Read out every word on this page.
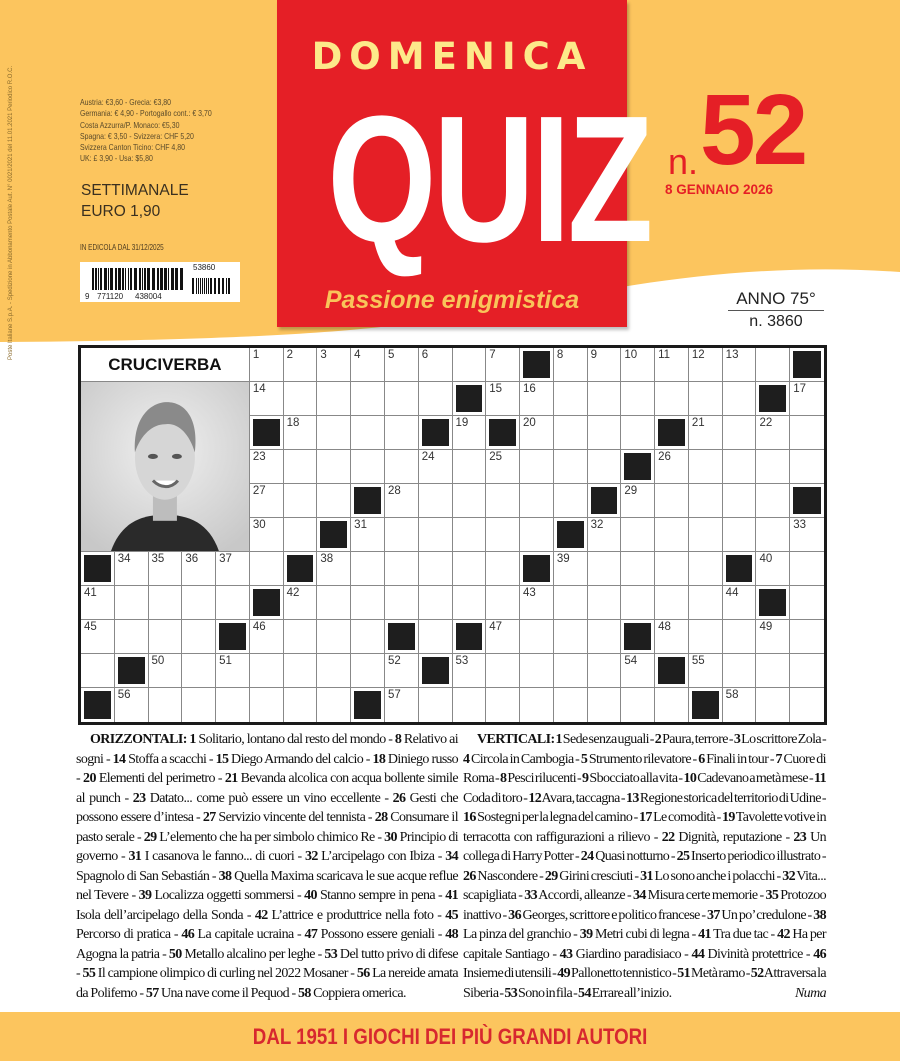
Poste Italiane S.p.A. - Spedizione in Abbonamento Postale Aut. N° 0021/2021 del 11.01.2021 Periodico R.O.C.	Austria: €3,60 - Grecia: €3,80
Germania: € 4,90 - Portogallo cont.: € 3,70
Costa Azzurra/P. Monaco: €5,30
Spagna: € 3,50 - Svizzera: CHF 5,20
Svizzera Canton Ticino: CHF 4,80
UK: £ 3,90 - Usa: $5,80
SETTIMANALE
EURO 1,90
IN EDICOLA DAL 31/12/2025
9 771120 438004
53860
DOMENICA
QUIZ
Passione enigmistica
n. 52
8 GENNAIO 2026
ANNO 75°
n. 3860
CRUCIVERBA	1 2 3 4 5 6	7	8 9 10 11 12 13
14	15 16	17
18	19	20	21	22
23	24	25	26
27	28	29
30	31	32	33
34 35 36 37	38	39	40
41	42	43	44
45	46	47	48	49
50	51	52	53	54	55
56	57	58
ORIZZONTALI: 1 Solitario, lontano dal resto del mondo - 8 Relativo ai sogni - 14 Stoffa a scacchi - 15 Diego Armando del calcio - 18 Diniego russo - 20 Elementi del perimetro - 21 Bevanda alcolica con acqua bollente simile al punch - 23 Datato... come può essere un vino eccellente - 26 Gesti che possono essere d’intesa - 27 Servizio vincente del tennista - 28 Consumare il pasto serale - 29 L’elemento che ha per simbolo chimico Re - 30 Principio di governo - 31 I casanova le fanno... di cuori - 32 L’arcipelago con Ibiza - 34 Spagnolo di San Sebastián - 38 Quella Maxima scaricava le sue acque reflue nel Tevere - 39 Localizza oggetti sommersi - 40 Stanno sempre in pena - 41 Isola dell’arcipelago della Sonda - 42 L’attrice e produttrice nella foto - 45 Percorso di pratica - 46 La capitale ucraina - 47 Possono essere geniali - 48 Agogna la patria - 50 Metallo alcalino per leghe - 53 Del tutto privo di difese - 55 Il campione olimpico di curling nel 2022 Mosaner - 56 La nereide amata da Polifemo - 57 Una nave come il Pequod - 58 Coppiera omerica.
VERTICALI: 1 Sede senza uguali - 2 Paura, terrore - 3 Lo scrittore Zola - 4 Circola in Cambogia - 5 Strumento rilevatore - 6 Finali in tour - 7 Cuore di Roma - 8 Pesci rilucenti - 9 Sbocciato alla vita - 10 Cadevano a metà mese - 11 Coda di toro - 12 Avara, taccagna - 13 Regione storica del territorio di Udine - 16 Sostegni per la legna del camino - 17 Le comodità - 19 Tavolette votive in terracotta con raffigurazioni a rilievo - 22 Dignità, reputazione - 23 Un collega di Harry Potter - 24 Quasi notturno - 25 Inserto periodico illustrato - 26 Nascondere - 29 Girini cresciuti - 31 Lo sono anche i polacchi - 32 Vita... scapigliata - 33 Accordi, alleanze - 34 Misura certe memorie - 35 Protozoo inattivo - 36 Georges, scrittore e politico francese - 37 Un po’ credulone - 38 La pinza del granchio - 39 Metri cubi di legna - 41 Tra due tac - 42 Ha per capitale Santiago - 43 Giardino paradisiaco - 44 Divinità protettrice - 46 Insieme di utensili - 49 Pallonetto tennistico - 51 Metà ramo - 52 Attraversa la Siberia - 53 Sono in fila - 54 Errare all’inizio.	Numa
DAL 1951 I GIOCHI DEI PIÙ GRANDI AUTORI
